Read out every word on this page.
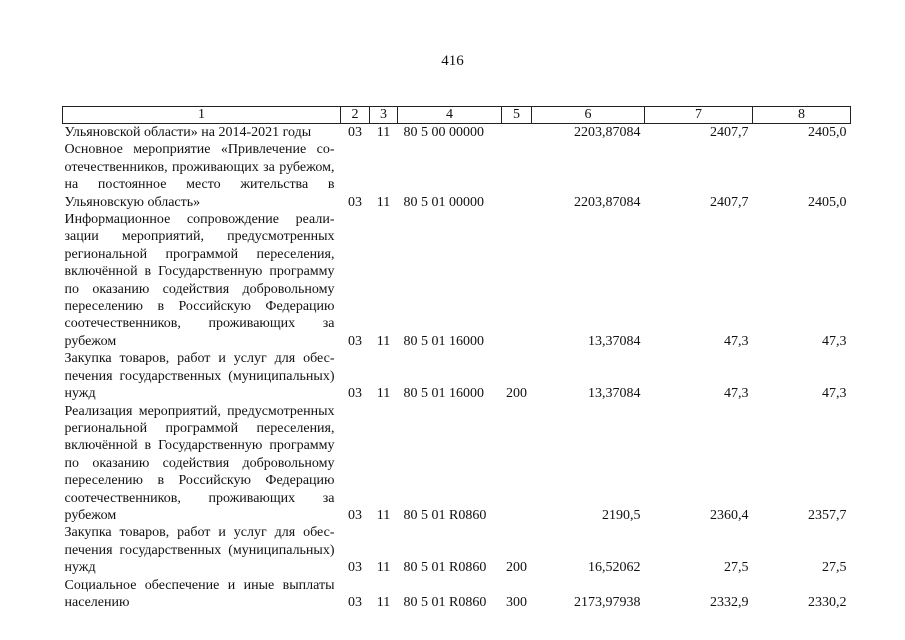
416
1	2	3	4	5	6	7	8
Ульяновской области» на 2014-2021 годы	03	11	80 5 00 00000		2203,87084	2407,7	2405,0
Основное мероприятие «Привлечение соотечественников, проживающих за рубежом, на постоянное место жительства в Ульяновскую область»	03	11	80 5 01 00000		2203,87084	2407,7	2405,0
Информационное сопровождение реализации мероприятий, предусмотренных региональной программой переселения, включённой в Государственную программу по оказанию содействия добровольному переселению в Российскую Федерацию соотечественников, проживающих за рубежом	03	11	80 5 01 16000		13,37084	47,3	47,3
Закупка товаров, работ и услуг для обеспечения государственных (муниципальных) нужд	03	11	80 5 01 16000	200	13,37084	47,3	47,3
Реализация мероприятий, предусмотренных региональной программой переселения, включённой в Государственную программу по оказанию содействия добровольному переселению в Российскую Федерацию соотечественников, проживающих за рубежом	03	11	80 5 01 R0860		2190,5	2360,4	2357,7
Закупка товаров, работ и услуг для обеспечения государственных (муниципальных) нужд	03	11	80 5 01 R0860	200	16,52062	27,5	27,5
Социальное обеспечение и иные выплаты населению	03	11	80 5 01 R0860	300	2173,97938	2332,9	2330,2
